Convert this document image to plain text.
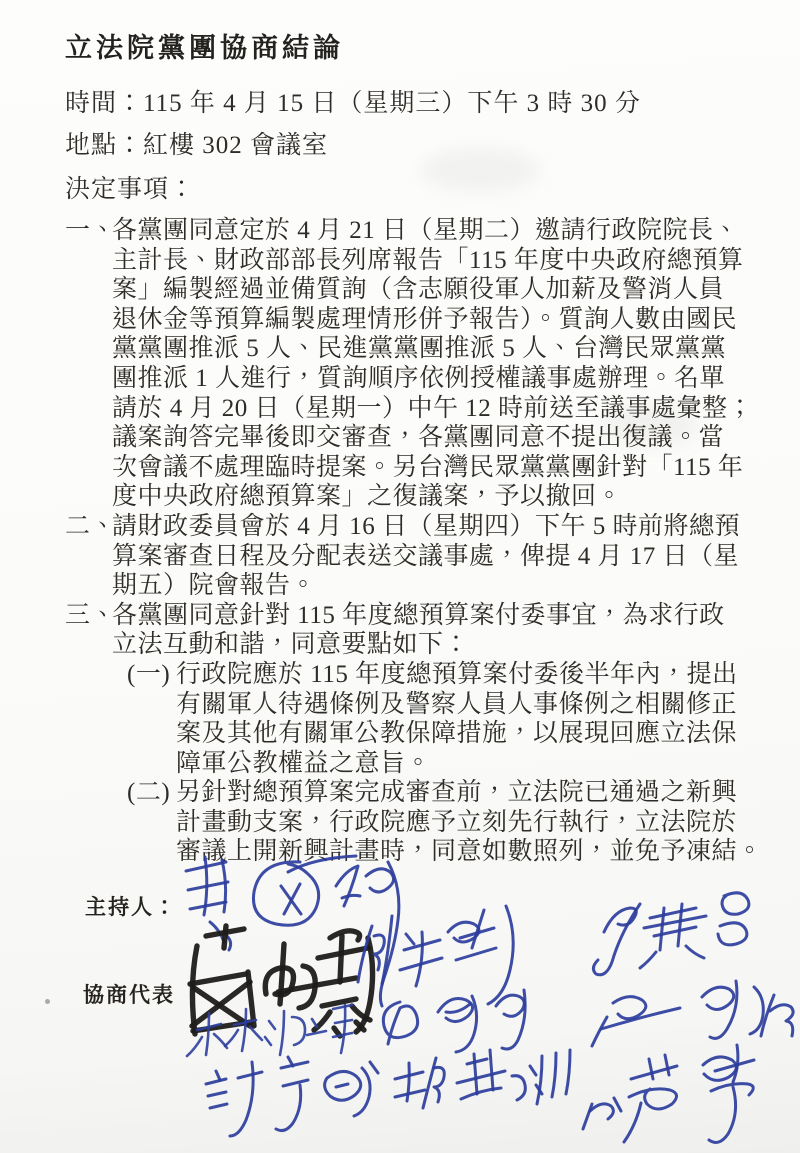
立法院黨團協商結論
時間：115 年 4 月 15 日（星期三）下午 3 時 30 分
地點：紅樓 302 會議室
決定事項：
一、各黨團同意定於 4 月 21 日（星期二）邀請行政院院長、
主計長、財政部部長列席報告「115 年度中央政府總預算
案」編製經過並備質詢（含志願役軍人加薪及警消人員
退休金等預算編製處理情形併予報告）。質詢人數由國民
黨黨團推派 5 人、民進黨黨團推派 5 人、台灣民眾黨黨
團推派 1 人進行，質詢順序依例授權議事處辦理。名單
請於 4 月 20 日（星期一）中午 12 時前送至議事處彙整；
議案詢答完畢後即交審查，各黨團同意不提出復議。當
次會議不處理臨時提案。另台灣民眾黨黨團針對「115 年
度中央政府總預算案」之復議案，予以撤回。
二、請財政委員會於 4 月 16 日（星期四）下午 5 時前將總預
算案審查日程及分配表送交議事處，俾提 4 月 17 日（星
期五）院會報告。
三、各黨團同意針對 115 年度總預算案付委事宜，為求行政
立法互動和諧，同意要點如下：
(一) 行政院應於 115 年度總預算案付委後半年內，提出
有關軍人待遇條例及警察人員人事條例之相關修正
案及其他有關軍公教保障措施，以展現回應立法保
障軍公教權益之意旨。
(二) 另針對總預算案完成審查前，立法院已通過之新興
計畫動支案，行政院應予立刻先行執行，立法院於
審議上開新興計畫時，同意如數照列，並免予凍結。
主持人：
協商代表
